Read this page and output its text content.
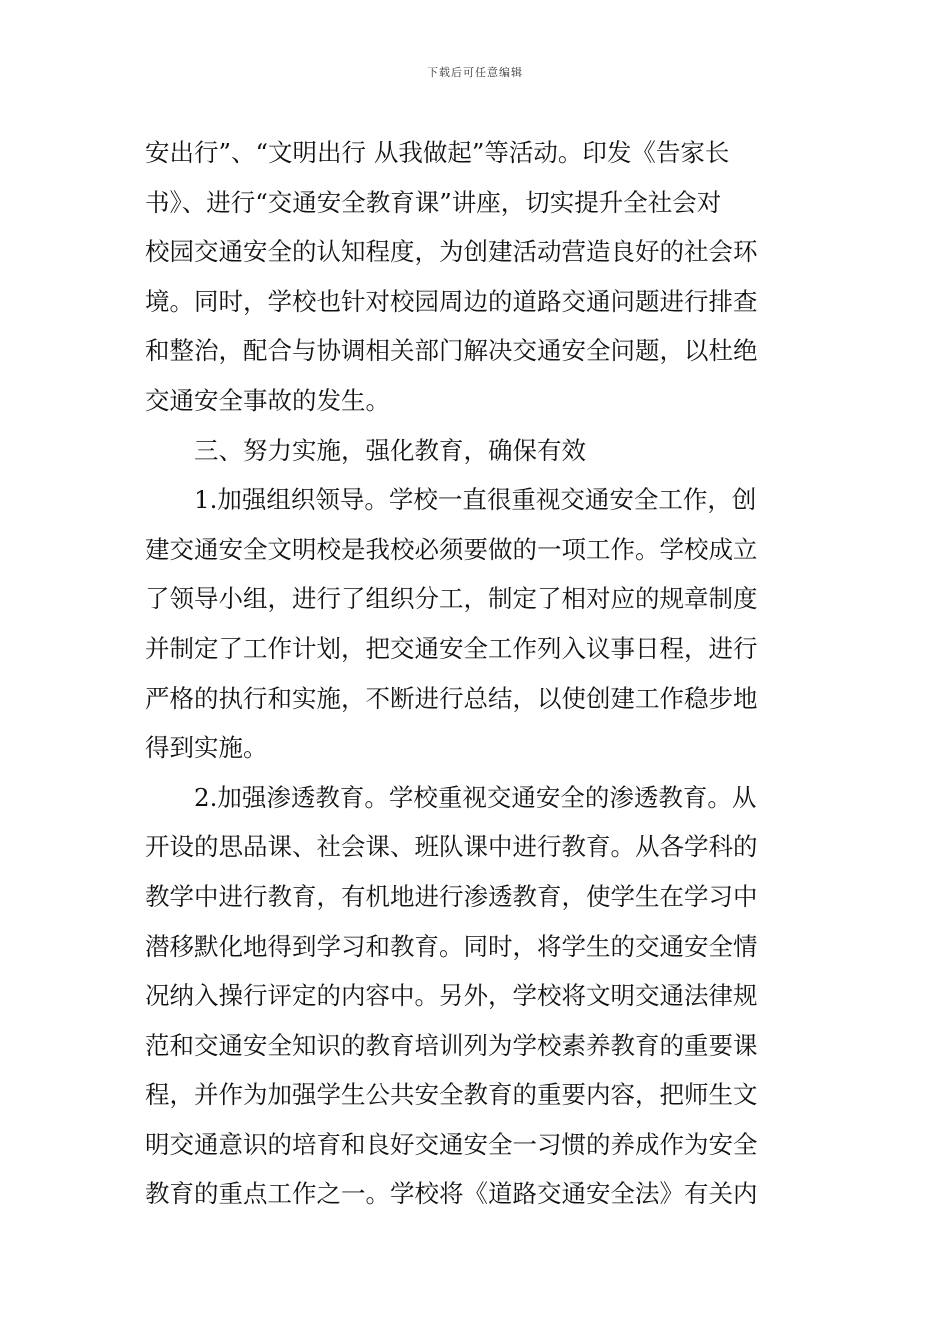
下载后可任意编辑
安出行”、“文明出行 从我做起”等活动。印发《告家长
书》、进行“交通安全教育课”讲座，切实提升全社会对
校园交通安全的认知程度，为创建活动营造良好的社会环
境。同时，学校也针对校园周边的道路交通问题进行排查
和整治，配合与协调相关部门解决交通安全问题，以杜绝
交通安全事故的发生。
三、努力实施，强化教育，确保有效
1.加强组织领导。学校一直很重视交通安全工作，创
建交通安全文明校是我校必须要做的一项工作。学校成立
了领导小组，进行了组织分工，制定了相对应的规章制度
并制定了工作计划，把交通安全工作列入议事日程，进行
严格的执行和实施，不断进行总结，以使创建工作稳步地
得到实施。
2.加强渗透教育。学校重视交通安全的渗透教育。从
开设的思品课、社会课、班队课中进行教育。从各学科的
教学中进行教育，有机地进行渗透教育，使学生在学习中
潜移默化地得到学习和教育。同时，将学生的交通安全情
况纳入操行评定的内容中。另外，学校将文明交通法律规
范和交通安全知识的教育培训列为学校素养教育的重要课
程，并作为加强学生公共安全教育的重要内容，把师生文
明交通意识的培育和良好交通安全一习惯的养成作为安全
教育的重点工作之一。学校将《道路交通安全法》有关内
